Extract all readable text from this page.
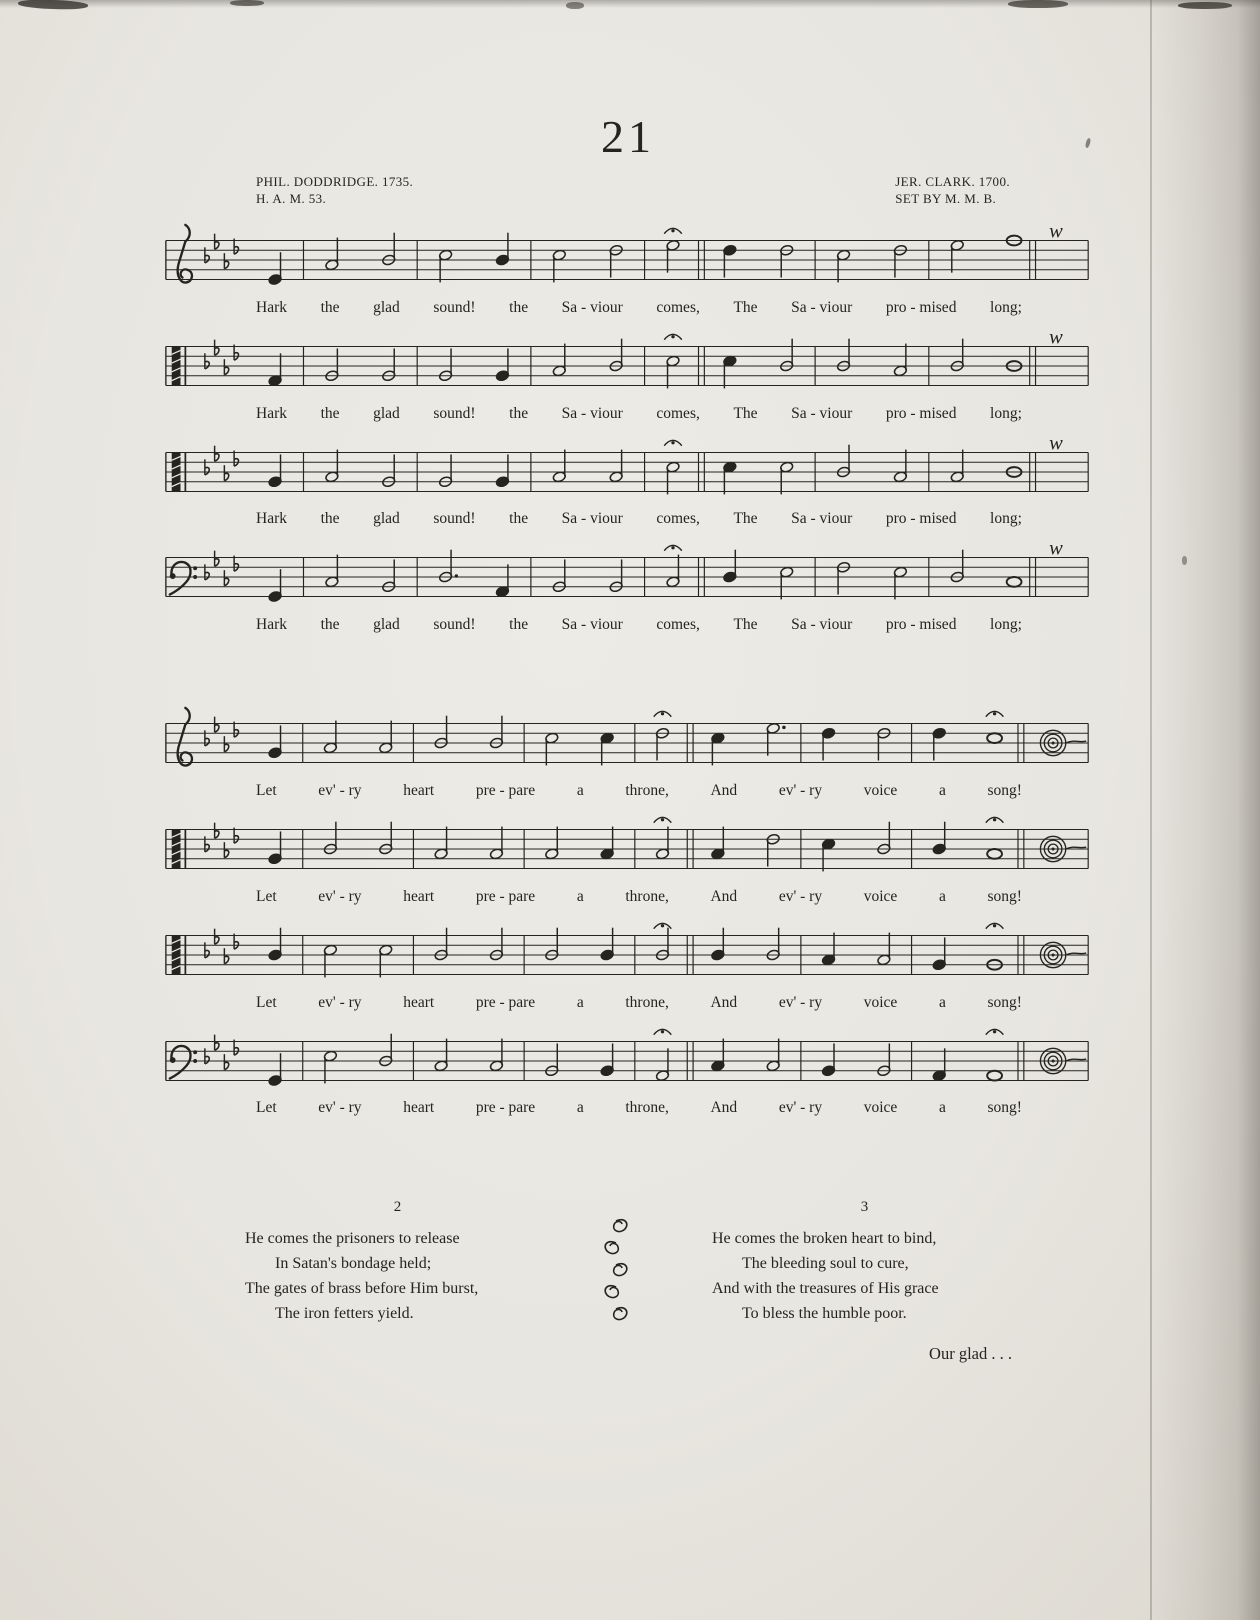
21
PHIL. DODDRIDGE. 1735.
H. A. M. 53.
JER. CLARK. 1700.
SET BY M. M. B.
w
Hark the glad sound! the Sa - viour comes, The Sa - viour pro - mised long;
w
Hark the glad sound! the Sa - viour comes, The Sa - viour pro - mised long;
w
Hark the glad sound! the Sa - viour comes, The Sa - viour pro - mised long;
w
Hark the glad sound! the Sa - viour comes, The Sa - viour pro - mised long;
Let	ev' - ry	heart	pre - pare	a	throne,	And	ev' - ry	voice	a	song!
Let	ev' - ry	heart	pre - pare	a	throne,	And	ev' - ry	voice	a	song!
Let	ev' - ry	heart	pre - pare	a	throne,	And	ev' - ry	voice	a	song!
Let	ev' - ry	heart	pre - pare	a	throne,	And	ev' - ry	voice	a	song!
2
He comes the prisoners to release
In Satan's bondage held;
The gates of brass before Him burst,
The iron fetters yield.
3
He comes the broken heart to bind,
The bleeding soul to cure,
And with the treasures of His grace
To bless the humble poor.
Our glad . . .
